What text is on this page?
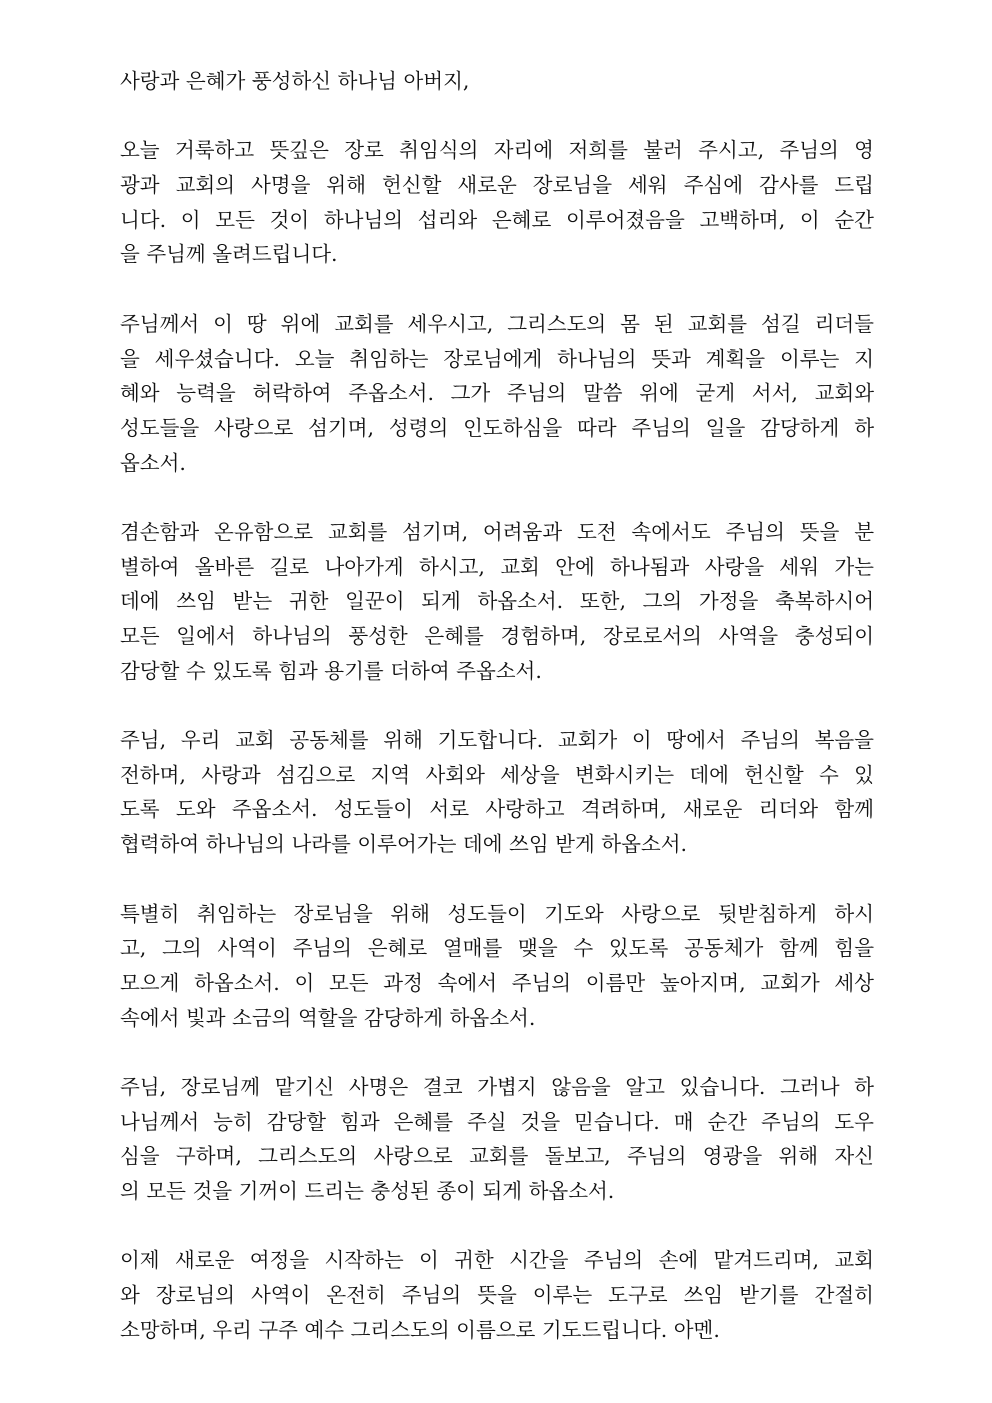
사랑과 은혜가 풍성하신 하나님 아버지,

오늘 거룩하고 뜻깊은 장로 취임식의 자리에 저희를 불러 주시고, 주님의 영
광과 교회의 사명을 위해 헌신할 새로운 장로님을 세워 주심에 감사를 드립
니다. 이 모든 것이 하나님의 섭리와 은혜로 이루어졌음을 고백하며, 이 순간
을 주님께 올려드립니다.

주님께서 이 땅 위에 교회를 세우시고, 그리스도의 몸 된 교회를 섬길 리더들
을 세우셨습니다. 오늘 취임하는 장로님에게 하나님의 뜻과 계획을 이루는 지
혜와 능력을 허락하여 주옵소서. 그가 주님의 말씀 위에 굳게 서서, 교회와
성도들을 사랑으로 섬기며, 성령의 인도하심을 따라 주님의 일을 감당하게 하
옵소서.

겸손함과 온유함으로 교회를 섬기며, 어려움과 도전 속에서도 주님의 뜻을 분
별하여 올바른 길로 나아가게 하시고, 교회 안에 하나됨과 사랑을 세워 가는
데에 쓰임 받는 귀한 일꾼이 되게 하옵소서. 또한, 그의 가정을 축복하시어
모든 일에서 하나님의 풍성한 은혜를 경험하며, 장로로서의 사역을 충성되이
감당할 수 있도록 힘과 용기를 더하여 주옵소서.

주님, 우리 교회 공동체를 위해 기도합니다. 교회가 이 땅에서 주님의 복음을
전하며, 사랑과 섬김으로 지역 사회와 세상을 변화시키는 데에 헌신할 수 있
도록 도와 주옵소서. 성도들이 서로 사랑하고 격려하며, 새로운 리더와 함께
협력하여 하나님의 나라를 이루어가는 데에 쓰임 받게 하옵소서.

특별히 취임하는 장로님을 위해 성도들이 기도와 사랑으로 뒷받침하게 하시
고, 그의 사역이 주님의 은혜로 열매를 맺을 수 있도록 공동체가 함께 힘을
모으게 하옵소서. 이 모든 과정 속에서 주님의 이름만 높아지며, 교회가 세상
속에서 빛과 소금의 역할을 감당하게 하옵소서.

주님, 장로님께 맡기신 사명은 결코 가볍지 않음을 알고 있습니다. 그러나 하
나님께서 능히 감당할 힘과 은혜를 주실 것을 믿습니다. 매 순간 주님의 도우
심을 구하며, 그리스도의 사랑으로 교회를 돌보고, 주님의 영광을 위해 자신
의 모든 것을 기꺼이 드리는 충성된 종이 되게 하옵소서.

이제 새로운 여정을 시작하는 이 귀한 시간을 주님의 손에 맡겨드리며, 교회
와 장로님의 사역이 온전히 주님의 뜻을 이루는 도구로 쓰임 받기를 간절히
소망하며, 우리 구주 예수 그리스도의 이름으로 기도드립니다. 아멘.
